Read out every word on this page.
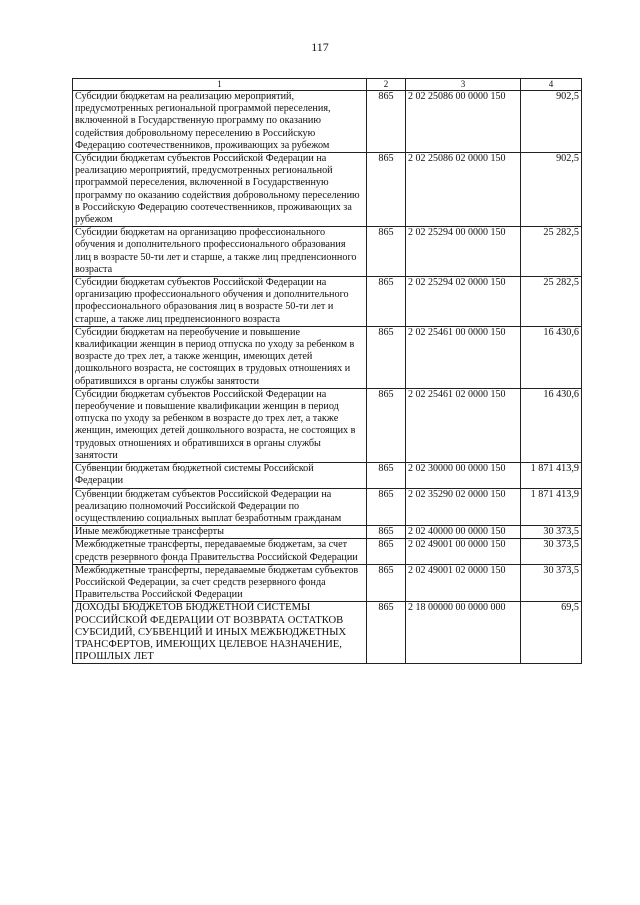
117
1	2	3	4
Субсидии бюджетам на реализацию мероприятий, предусмотренных региональной программой переселения, включенной в Государственную программу по оказанию содействия добровольному переселению в Российскую Федерацию соотечественников, проживающих за рубежом	865	2 02 25086 00 0000 150	902,5
Субсидии бюджетам субъектов Российской Федерации на реализацию мероприятий, предусмотренных региональной программой переселения, включенной в Государственную программу по оказанию содействия добровольному переселению в Российскую Федерацию соотечественников, проживающих за рубежом	865	2 02 25086 02 0000 150	902,5
Субсидии бюджетам на организацию профессионального обучения и дополнительного профессионального образования лиц в возрасте 50-ти лет и старше, а также лиц предпенсионного возраста	865	2 02 25294 00 0000 150	25 282,5
Субсидии бюджетам субъектов Российской Федерации на организацию профессионального обучения и дополнительного профессионального образования лиц в возрасте 50-ти лет и старше, а также лиц предпенсионного возраста	865	2 02 25294 02 0000 150	25 282,5
Субсидии бюджетам на переобучение и повышение квалификации женщин в период отпуска по уходу за ребенком в возрасте до трех лет, а также женщин, имеющих детей дошкольного возраста, не состоящих в трудовых отношениях и обратившихся в органы службы занятости	865	2 02 25461 00 0000 150	16 430,6
Субсидии бюджетам субъектов Российской Федерации на переобучение и повышение квалификации женщин в период отпуска по уходу за ребенком в возрасте до трех лет, а также женщин, имеющих детей дошкольного возраста, не состоящих в трудовых отношениях и обратившихся в органы службы занятости	865	2 02 25461 02 0000 150	16 430,6
Субвенции бюджетам бюджетной системы Российской Федерации	865	2 02 30000 00 0000 150	1 871 413,9
Субвенции бюджетам субъектов Российской Федерации на реализацию полномочий Российской Федерации по осуществлению социальных выплат безработным гражданам	865	2 02 35290 02 0000 150	1 871 413,9
Иные межбюджетные трансферты	865	2 02 40000 00 0000 150	30 373,5
Межбюджетные трансферты, передаваемые бюджетам, за счет средств резервного фонда Правительства Российской Федерации	865	2 02 49001 00 0000 150	30 373,5
Межбюджетные трансферты, передаваемые бюджетам субъектов Российской Федерации, за счет средств резервного фонда Правительства Российской Федерации	865	2 02 49001 02 0000 150	30 373,5
ДОХОДЫ БЮДЖЕТОВ БЮДЖЕТНОЙ СИСТЕМЫ РОССИЙСКОЙ ФЕДЕРАЦИИ ОТ ВОЗВРАТА ОСТАТКОВ СУБСИДИЙ, СУБВЕНЦИЙ И ИНЫХ МЕЖБЮДЖЕТНЫХ ТРАНСФЕРТОВ, ИМЕЮЩИХ ЦЕЛЕВОЕ НАЗНАЧЕНИЕ, ПРОШЛЫХ ЛЕТ	865	2 18 00000 00 0000 000	69,5
